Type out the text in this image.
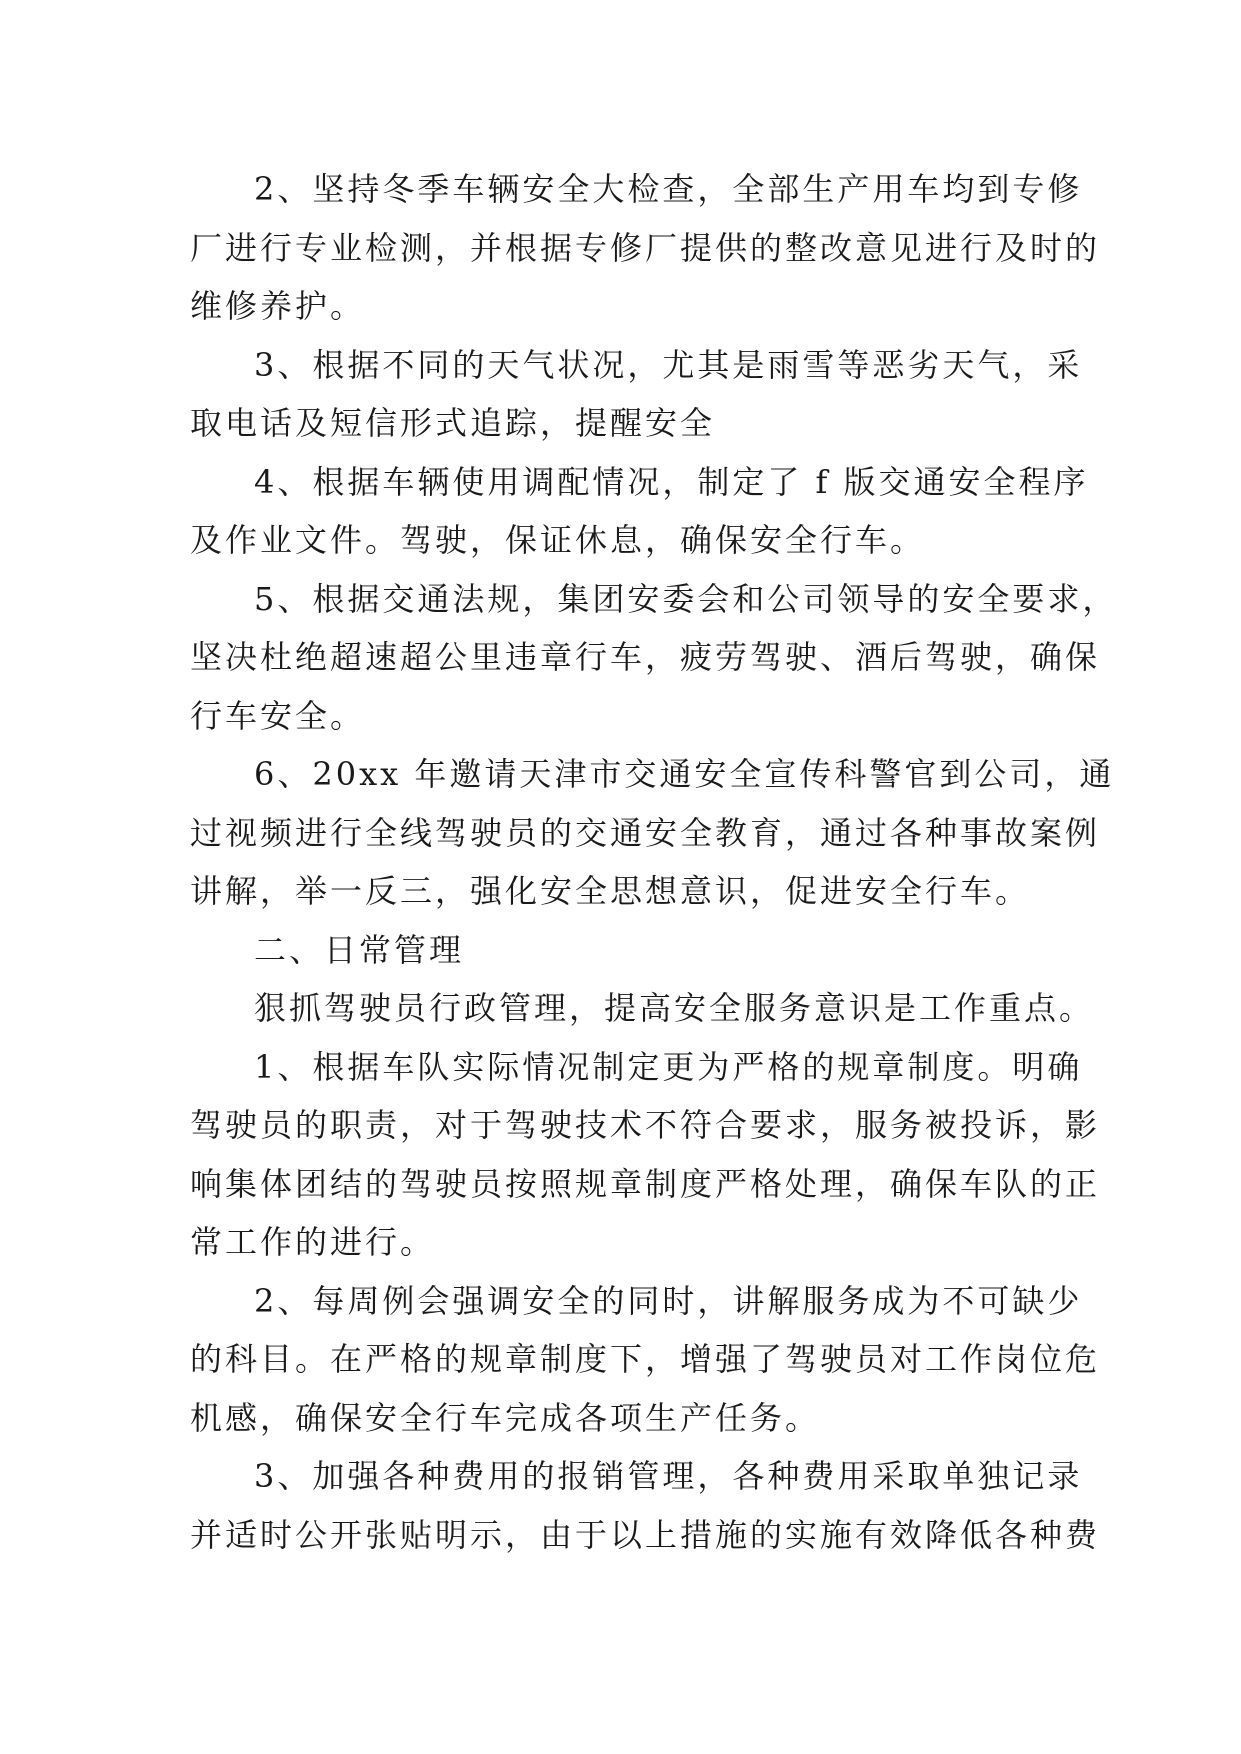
2、坚持冬季车辆安全大检查，全部生产用车均到专修
厂进行专业检测，并根据专修厂提供的整改意见进行及时的
维修养护。
3、根据不同的天气状况，尤其是雨雪等恶劣天气，采
取电话及短信形式追踪，提醒安全
4、根据车辆使用调配情况，制定了 f 版交通安全程序
及作业文件。驾驶，保证休息，确保安全行车。
5、根据交通法规，集团安委会和公司领导的安全要求，
坚决杜绝超速超公里违章行车，疲劳驾驶、酒后驾驶，确保
行车安全。
6、20xx 年邀请天津市交通安全宣传科警官到公司，通
过视频进行全线驾驶员的交通安全教育，通过各种事故案例
讲解，举一反三，强化安全思想意识，促进安全行车。
二、日常管理
狠抓驾驶员行政管理，提高安全服务意识是工作重点。
1、根据车队实际情况制定更为严格的规章制度。明确
驾驶员的职责，对于驾驶技术不符合要求，服务被投诉，影
响集体团结的驾驶员按照规章制度严格处理，确保车队的正
常工作的进行。
2、每周例会强调安全的同时，讲解服务成为不可缺少
的科目。在严格的规章制度下，增强了驾驶员对工作岗位危
机感，确保安全行车完成各项生产任务。
3、加强各种费用的报销管理，各种费用采取单独记录
并适时公开张贴明示，由于以上措施的实施有效降低各种费
